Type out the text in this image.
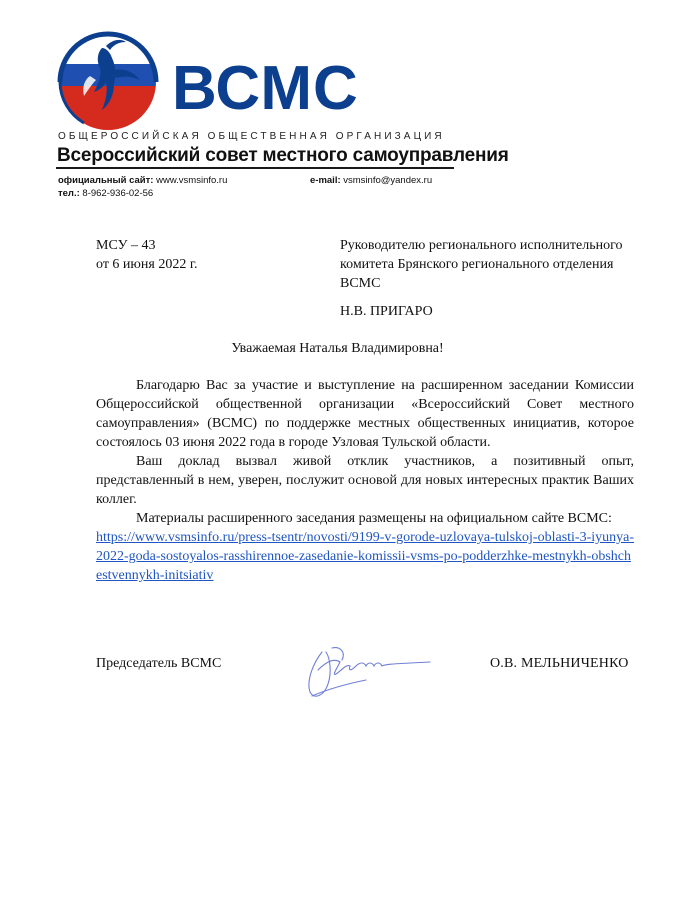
ВСМС
ОБЩЕРОССИЙСКАЯ ОБЩЕСТВЕННАЯ ОРГАНИЗАЦИЯ
Всероссийский совет местного самоуправления
официальный сайт: www.vsmsinfo.ru	e-mail: vsmsinfo@yandex.ru
тел.: 8-962-936-02-56
МСУ – 43
от 6 июня 2022 г.
Руководителю регионального исполнительного комитета Брянского регионального отделения ВСМС
Н.В. ПРИГАРО
Уважаемая Наталья Владимировна!

Благодарю Вас за участие и выступление на расширенном заседании Комиссии Общероссийской общественной организации «Всероссийский Совет местного самоуправления» (ВСМС) по поддержке местных общественных инициатив, которое состоялось 03 июня 2022 года в городе Узловая Тульской области.

Ваш доклад вызвал живой отклик участников, а позитивный опыт, представленный в нем, уверен, послужит основой для новых интересных практик Ваших коллег.

Материалы расширенного заседания размещены на официальном сайте ВСМС:

https://www.vsmsinfo.ru/press-tsentr/novosti/9199-v-gorode-uzlovaya-tulskoj-oblasti-3-iyunya-2022-goda-sostoyalos-rasshirennoe-zasedanie-komissii-vsms-po-podderzhke-mestnykh-obshchestvennykh-initsiativ
Председатель ВСМС	О.В. МЕЛЬНИЧЕНКО
